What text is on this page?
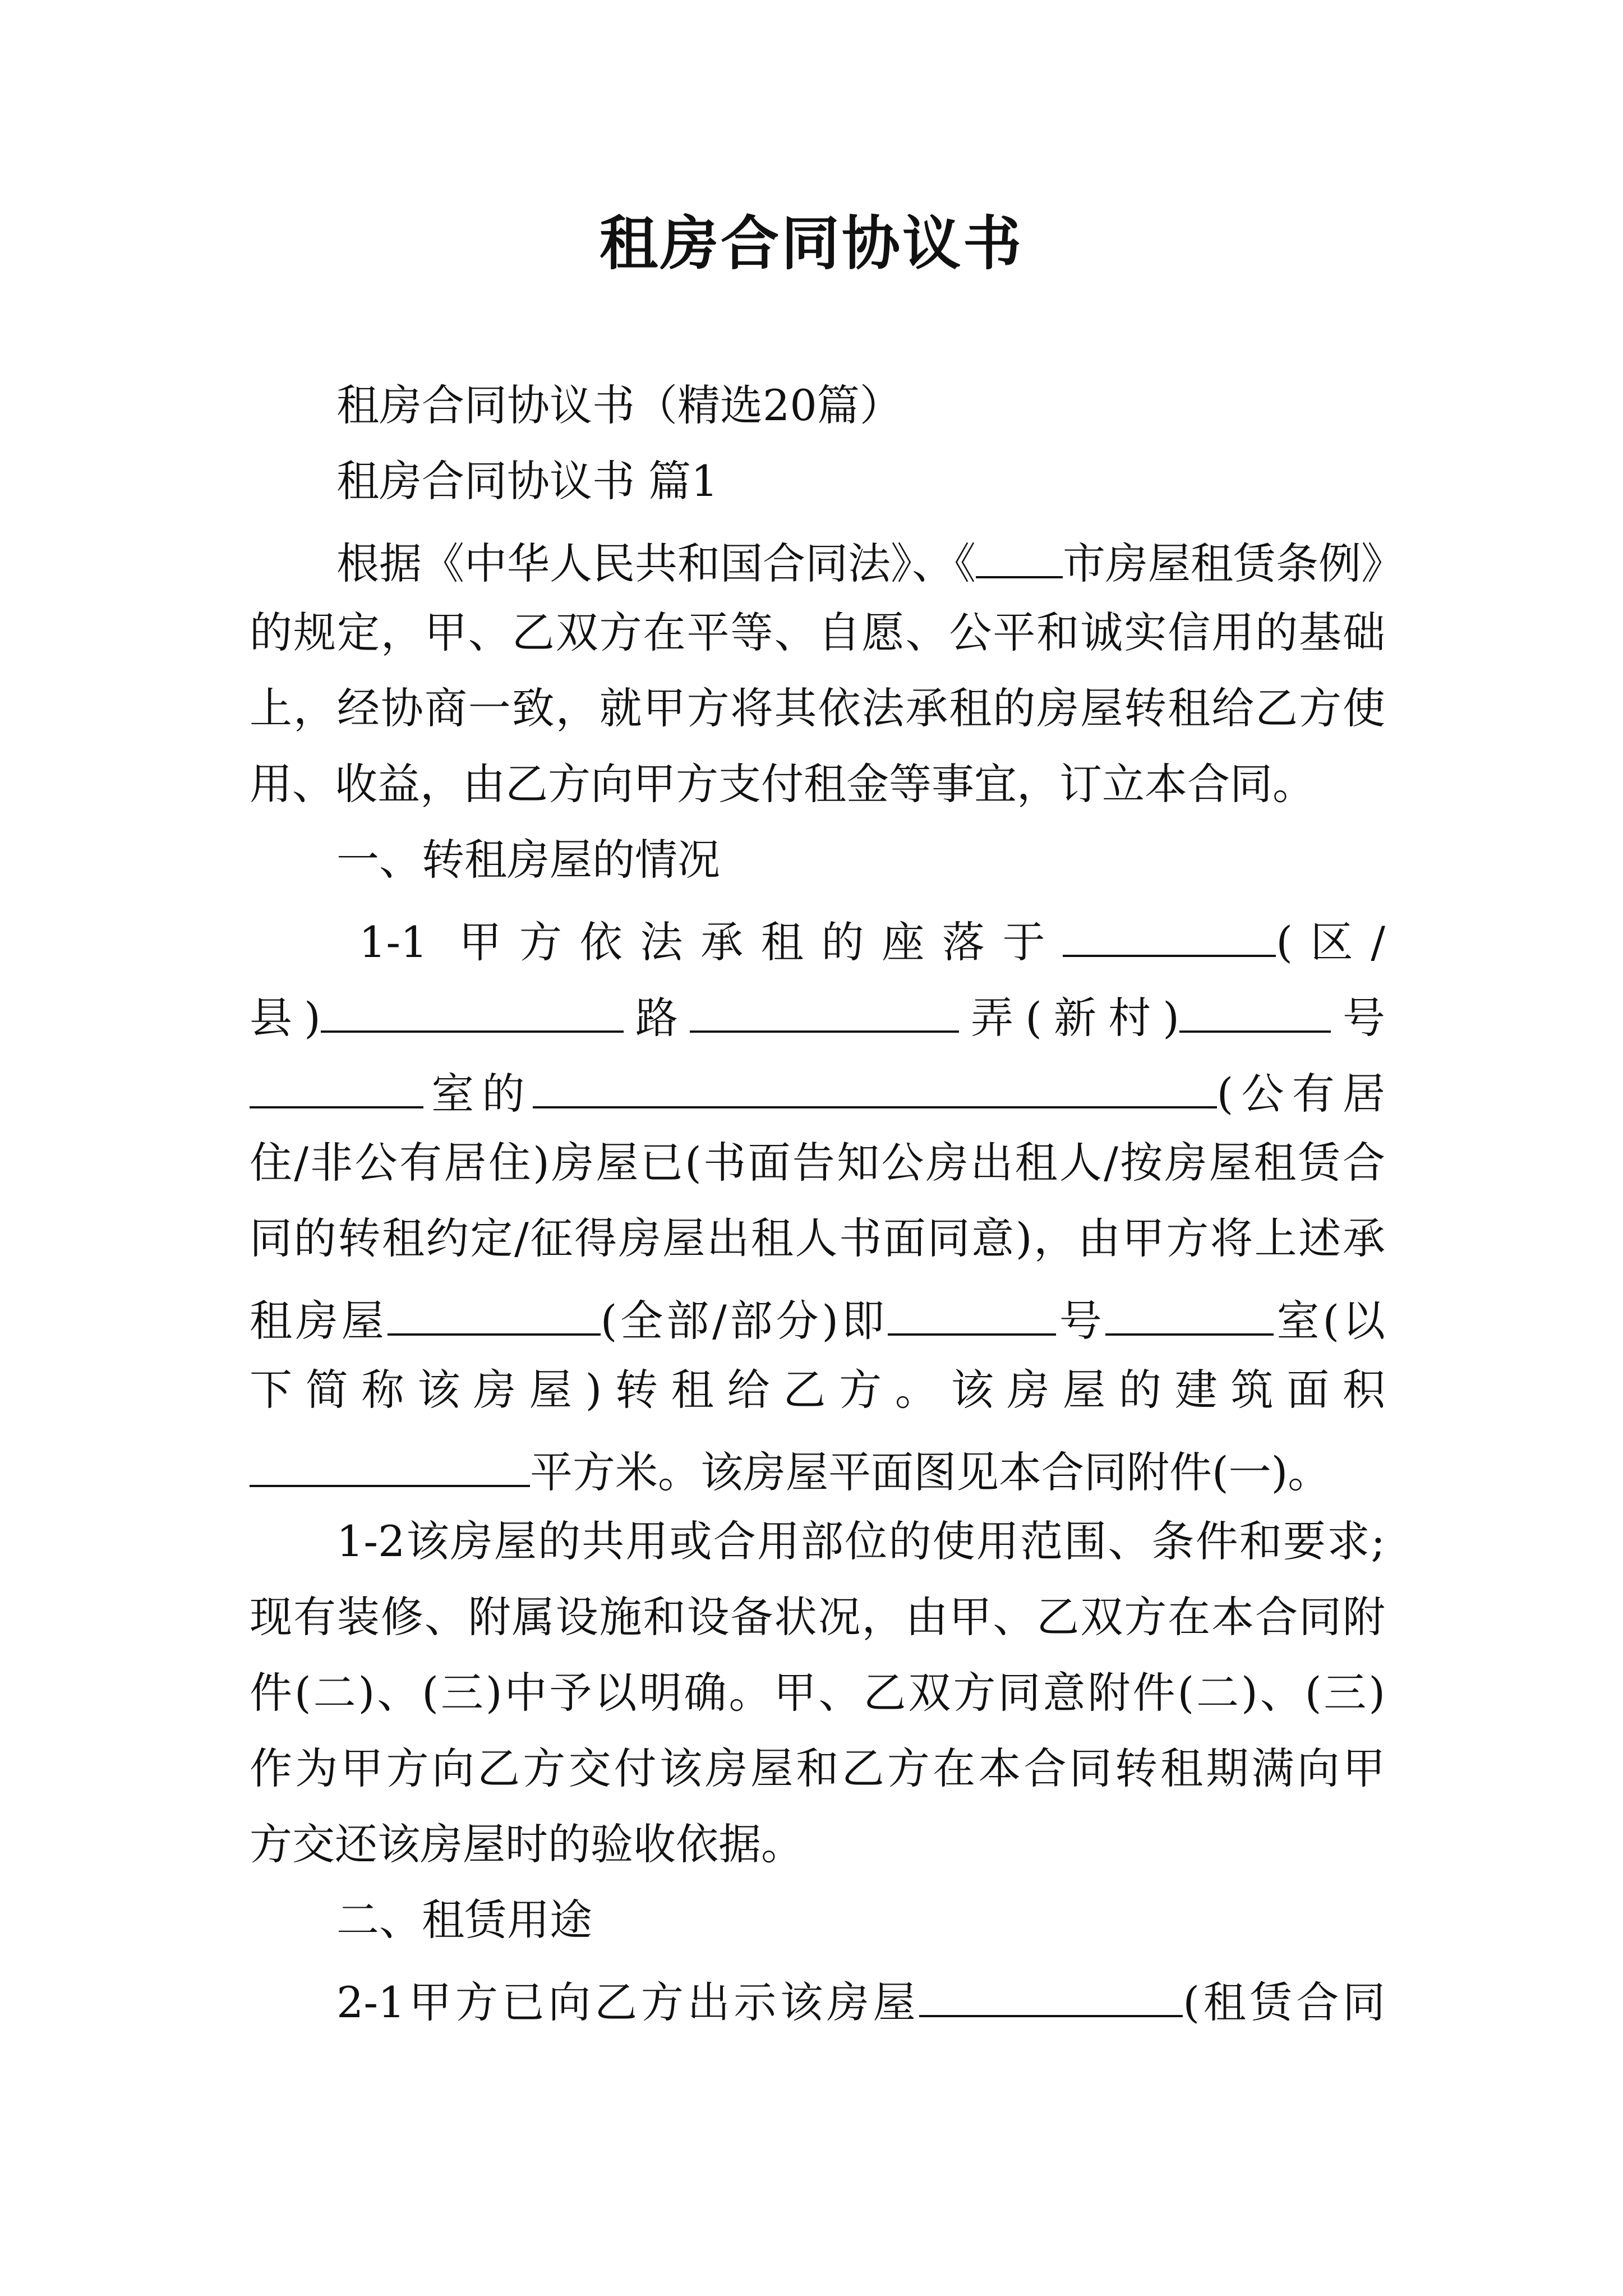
租房合同协议书
租房合同协议书（精选20篇）
租房合同协议书 篇1
根据《中华人民共和国合同法》、《 市房屋租赁条例》
的规定，甲、乙双方在平等、自愿、公平和诚实信用的基础
上，经协商一致，就甲方将其依法承租的房屋转租给乙方使
用、收益，由乙方向甲方支付租金等事宜，订立本合同。
一、转租房屋的情况
1-1 甲方依法承租的座落于	(区/
县)	路	弄(新村)	号
室的	(公有居
住/非公有居住)房屋已(书面告知公房出租人/按房屋租赁合
同的转租约定/征得房屋出租人书面同意)，由甲方将上述承
租房屋	(全部/部分)即	号	室(以
下简称该房屋)转租给乙方。该房屋的建筑面积
平方米。该房屋平面图见本合同附件(一)。
1-2该房屋的共用或合用部位的使用范围、条件和要求;
现有装修、附属设施和设备状况，由甲、乙双方在本合同附
件(二)、(三)中予以明确。甲、乙双方同意附件(二)、(三)
作为甲方向乙方交付该房屋和乙方在本合同转租期满向甲
方交还该房屋时的验收依据。
二、租赁用途
2-1甲方已向乙方出示该房屋	(租赁合同
